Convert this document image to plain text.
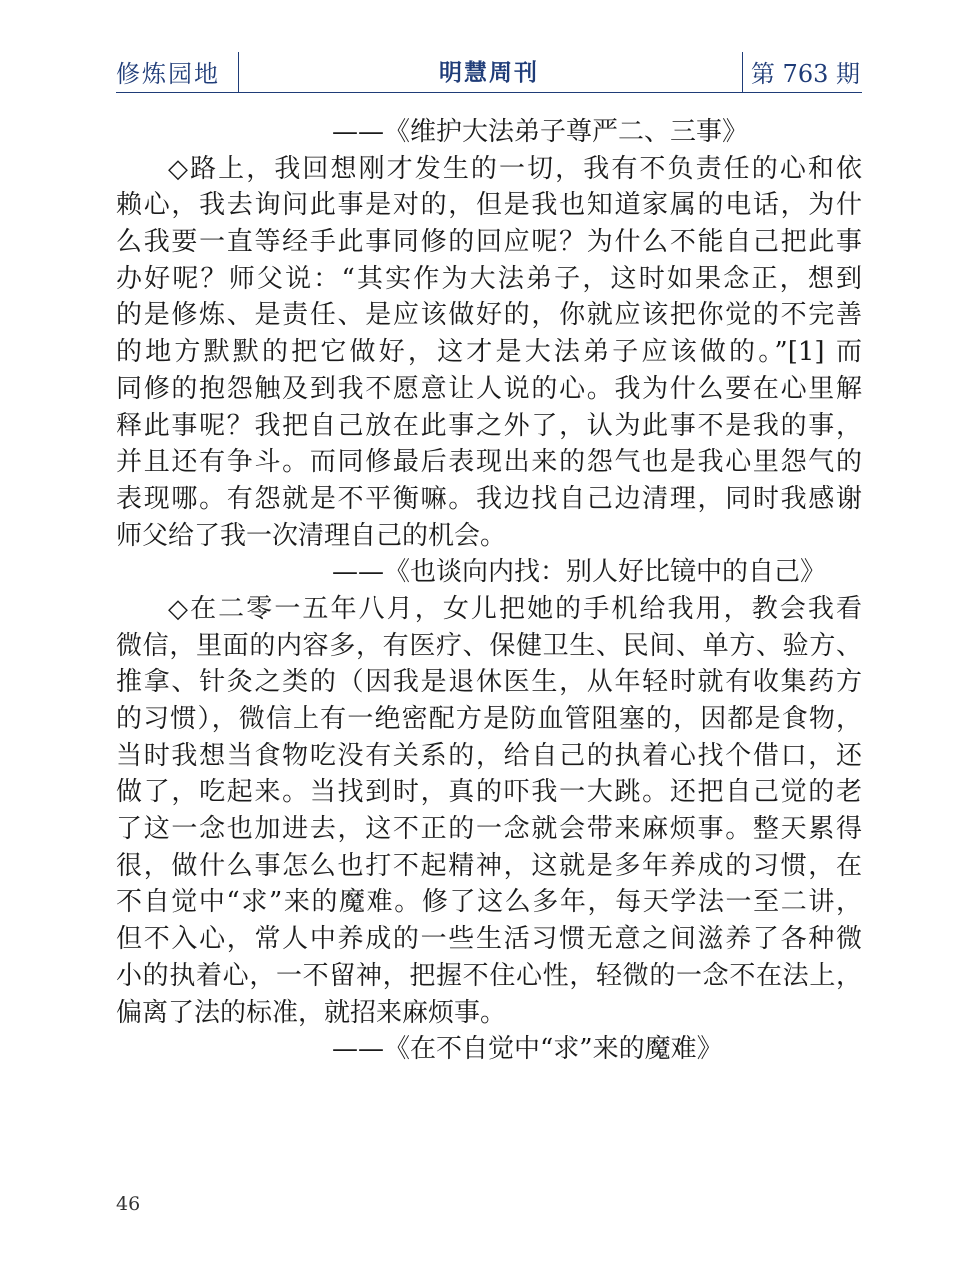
修炼园地	明慧周刊	第 763 期
——《维护大法弟子尊严二、三事》
◇路上，我回想刚才发生的一切，我有不负责任的心和依
赖心，我去询问此事是对的，但是我也知道家属的电话，为什
么我要一直等经手此事同修的回应呢？为什么不能自己把此事
办好呢？师父说：“其实作为大法弟子，这时如果念正，想到
的是修炼、是责任、是应该做好的，你就应该把你觉的不完善
的地方默默的把它做好，这才是大法弟子应该做的。”[1] 而
同修的抱怨触及到我不愿意让人说的心。我为什么要在心里解
释此事呢？我把自己放在此事之外了，认为此事不是我的事，
并且还有争斗。而同修最后表现出来的怨气也是我心里怨气的
表现哪。有怨就是不平衡嘛。我边找自己边清理，同时我感谢
师父给了我一次清理自己的机会。
——《也谈向内找：别人好比镜中的自己》
◇在二零一五年八月，女儿把她的手机给我用，教会我看
微信，里面的内容多，有医疗、保健卫生、民间、单方、验方、
推拿、针灸之类的（因我是退休医生，从年轻时就有收集药方
的习惯），微信上有一绝密配方是防血管阻塞的，因都是食物，
当时我想当食物吃没有关系的，给自己的执着心找个借口，还
做了，吃起来。当找到时，真的吓我一大跳。还把自己觉的老
了这一念也加进去，这不正的一念就会带来麻烦事。整天累得
很，做什么事怎么也打不起精神，这就是多年养成的习惯，在
不自觉中“求”来的魔难。修了这么多年，每天学法一至二讲，
但不入心，常人中养成的一些生活习惯无意之间滋养了各种微
小的执着心，一不留神，把握不住心性，轻微的一念不在法上，
偏离了法的标准，就招来麻烦事。
——《在不自觉中“求”来的魔难》
46
